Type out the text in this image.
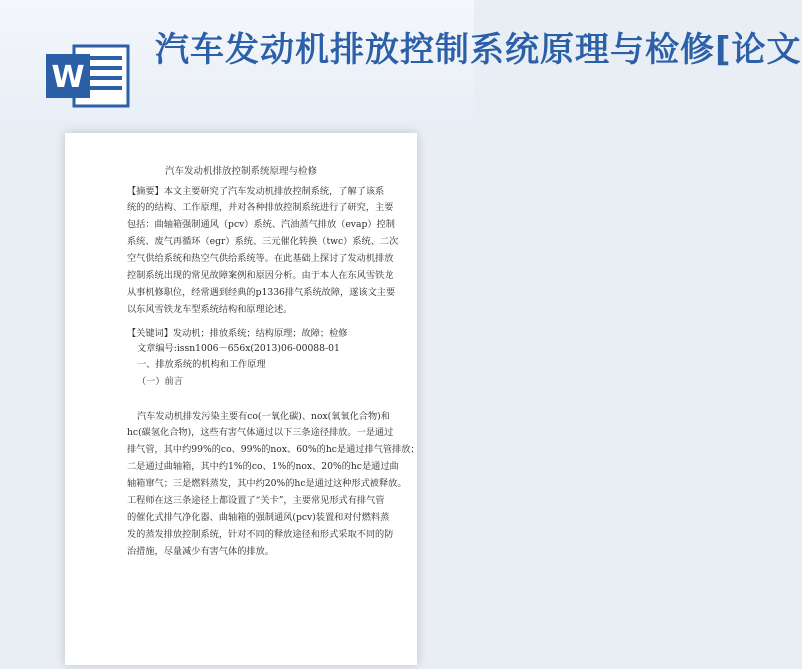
W
汽车发动机排放控制系统原理与检修[论文
汽车发动机排放控制系统原理与检修
【摘要】本文主要研究了汽车发动机排放控制系统，了解了该系
统的的结构、工作原理，并对各种排放控制系统进行了研究，主要
包括：曲轴箱强制通风（pcv）系统、汽油蒸气排放（evap）控制
系统、废气再循环（egr）系统、三元催化转换（twc）系统、二次
空气供给系统和热空气供给系统等。在此基础上探讨了发动机排放
控制系统出现的常见故障案例和原因分析。由于本人在东风雪铁龙
从事机修职位，经常遇到经典的p1336排气系统故障，遂该文主要
以东风雪铁龙车型系统结构和原理论述。
【关键词】发动机；排放系统；结构原理；故障；检修
文章编号:issn1006－656x(2013)06-00088-01
一、排放系统的机构和工作原理
（一）前言
汽车发动机排发污染主要有co(一氧化碳)、nox(氧氧化合物)和
hc(碳氢化合物)，这些有害气体通过以下三条途径排放。一是通过
排气管，其中约99%的co、99%的nox、60%的hc是通过排气管排放；
二是通过曲轴箱，其中约1%的co、1%的nox、20%的hc是通过曲
轴箱窜气；三是燃料蒸发，其中约20%的hc是通过这种形式被释放。
工程师在这三条途径上都设置了“关卡”，主要常见形式有排气管
的催化式排气净化器、曲轴箱的强制通风(pcv)装置和对付燃料蒸
发的蒸发排放控制系统，针对不同的释放途径和形式采取不同的防
治措施，尽量减少有害气体的排放。
